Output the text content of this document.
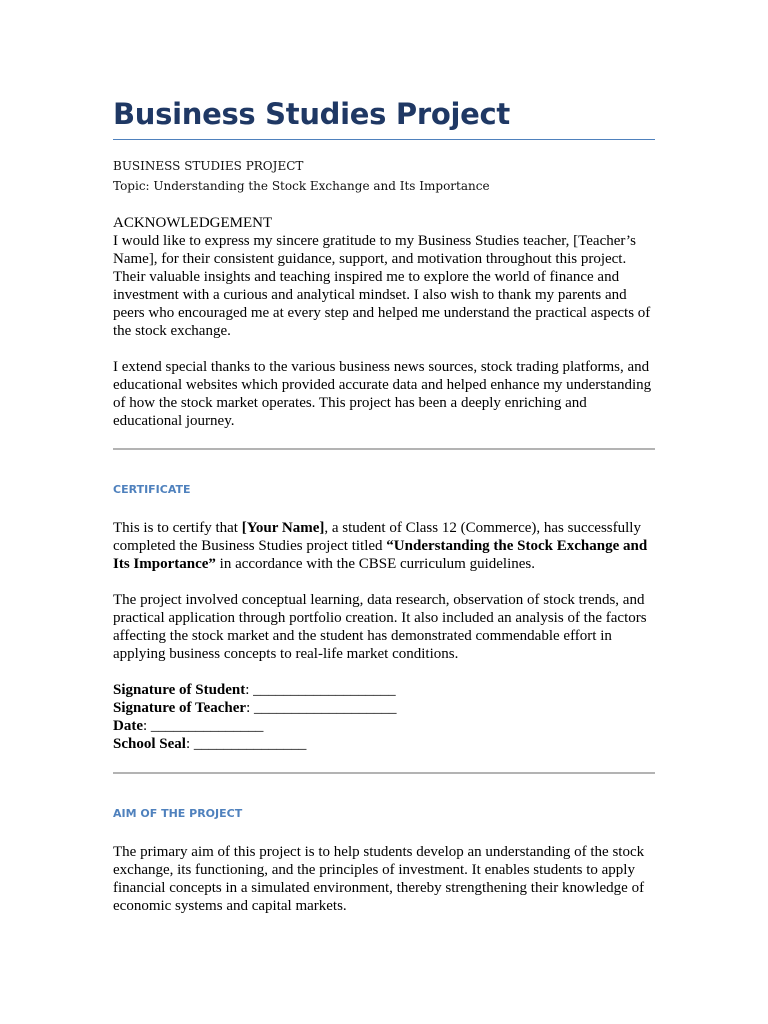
Business Studies Project
BUSINESS STUDIES PROJECT
Topic: Understanding the Stock Exchange and Its Importance
ACKNOWLEDGEMENT

I would like to express my sincere gratitude to my Business Studies teacher, [Teacher’s Name], for their consistent guidance, support, and motivation throughout this project. Their valuable insights and teaching inspired me to explore the world of finance and investment with a curious and analytical mindset. I also wish to thank my parents and peers who encouraged me at every step and helped me understand the practical aspects of the stock exchange.

I extend special thanks to the various business news sources, stock trading platforms, and educational websites which provided accurate data and helped enhance my understanding of how the stock market operates. This project has been a deeply enriching and educational journey.

CERTIFICATE

This is to certify that [Your Name], a student of Class 12 (Commerce), has successfully completed the Business Studies project titled “Understanding the Stock Exchange and Its Importance” in accordance with the CBSE curriculum guidelines.

The project involved conceptual learning, data research, observation of stock trends, and practical application through portfolio creation. It also included an analysis of the factors affecting the stock market and the student has demonstrated commendable effort in applying business concepts to real-life market conditions.

Signature of Student: ___________________
Signature of Teacher: ___________________
Date: _______________
School Seal: _______________
AIM OF THE PROJECT

The primary aim of this project is to help students develop an understanding of the stock exchange, its functioning, and the principles of investment. It enables students to apply financial concepts in a simulated environment, thereby strengthening their knowledge of economic systems and capital markets.
